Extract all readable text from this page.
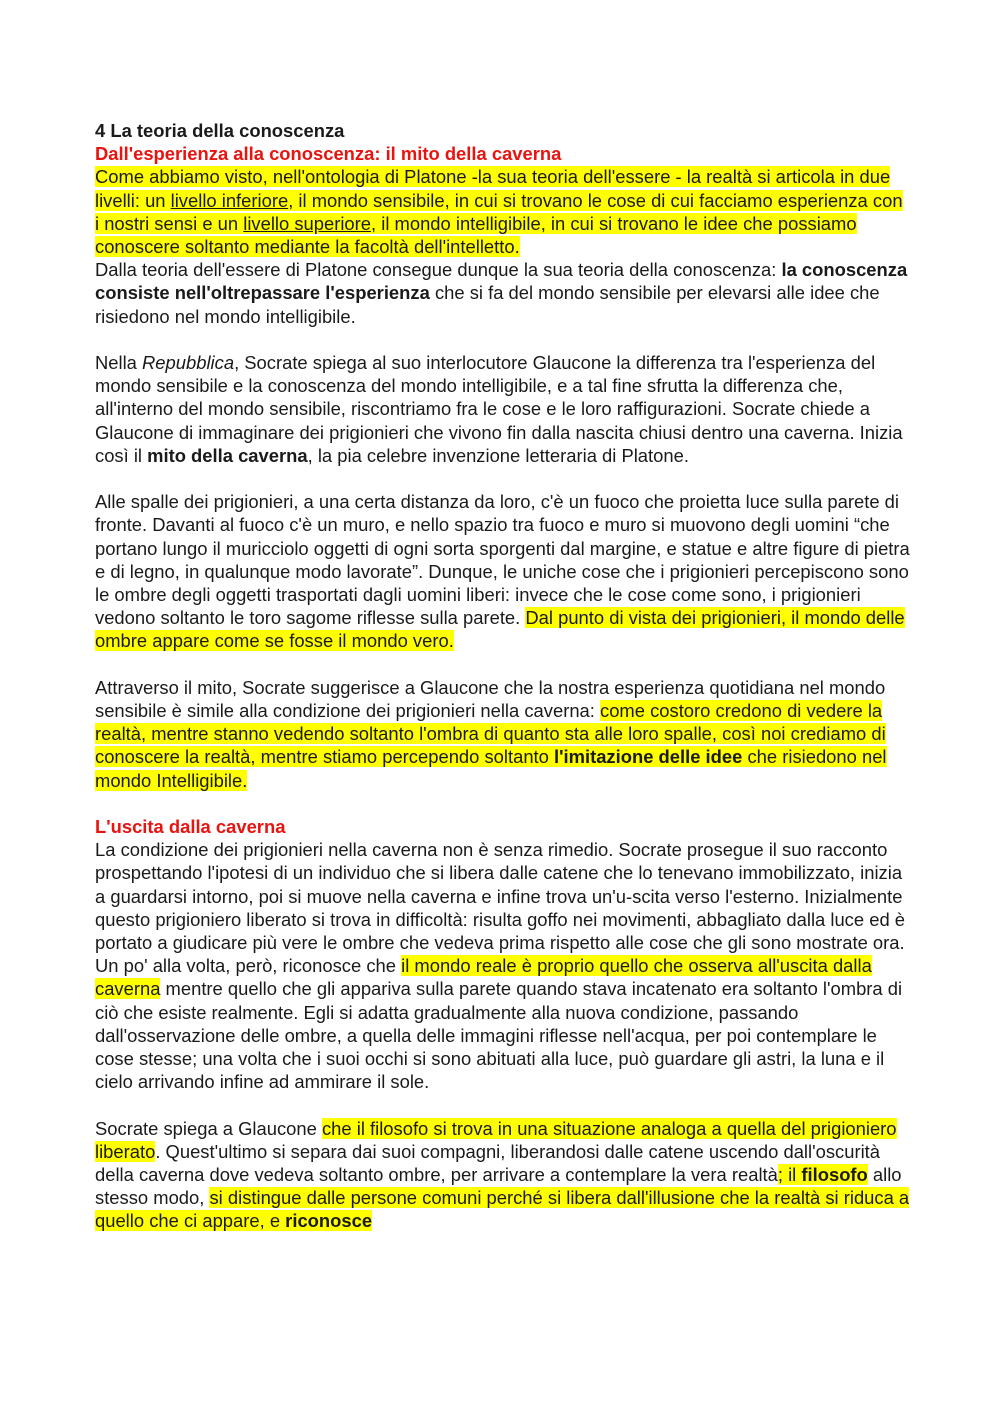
4 La teoria della conoscenza
Dall'esperienza alla conoscenza: il mito della caverna

Come abbiamo visto, nell'ontologia di Platone -la sua teoria dell'essere - la realtà si articola in due livelli: un livello inferiore, il mondo sensibile, in cui si trovano le cose di cui facciamo esperienza con i nostri sensi e un livello superiore, il mondo intelligibile, in cui si trovano le idee che possiamo conoscere soltanto mediante la facoltà dell'intelletto.

Dalla teoria dell'essere di Platone consegue dunque la sua teoria della conoscenza: la conoscenza consiste nell'oltrepassare l'esperienza che si fa del mondo sensibile per elevarsi alle idee che risiedono nel mondo intelligibile.

Nella Repubblica, Socrate spiega al suo interlocutore Glaucone la differenza tra l'esperienza del mondo sensibile e la conoscenza del mondo intelligibile, e a tal fine sfrutta la differenza che, all'interno del mondo sensibile, riscontriamo fra le cose e le loro raffigurazioni. Socrate chiede a Glaucone di immaginare dei prigionieri che vivono fin dalla nascita chiusi dentro una caverna. Inizia così il mito della caverna, la pia celebre invenzione letteraria di Platone.

Alle spalle dei prigionieri, a una certa distanza da loro, c'è un fuoco che proietta luce sulla parete di fronte. Davanti al fuoco c'è un muro, e nello spazio tra fuoco e muro si muovono degli uomini “che portano lungo il muricciolo oggetti di ogni sorta sporgenti dal margine, e statue e altre figure di pietra e di legno, in qualunque modo lavorate”. Dunque, le uniche cose che i prigionieri percepiscono sono le ombre degli oggetti trasportati dagli uomini liberi: invece che le cose come sono, i prigionieri vedono soltanto le toro sagome riflesse sulla parete. Dal punto di vista dei prigionieri, il mondo delle ombre appare come se fosse il mondo vero.

Attraverso il mito, Socrate suggerisce a Glaucone che la nostra esperienza quotidiana nel mondo sensibile è simile alla condizione dei prigionieri nella caverna: come costoro credono di vedere la realtà, mentre stanno vedendo soltanto l'ombra di quanto sta alle loro spalle, così noi crediamo di conoscere la realtà, mentre stiamo percependo soltanto l'imitazione delle idee che risiedono nel mondo Intelligibile.

L'uscita dalla caverna

La condizione dei prigionieri nella caverna non è senza rimedio. Socrate prosegue il suo racconto prospettando l'ipotesi di un individuo che si libera dalle catene che lo tenevano immobilizzato, inizia a guardarsi intorno, poi si muove nella caverna e infine trova un'u-scita verso l'esterno. Inizialmente questo prigioniero liberato si trova in difficoltà: risulta goffo nei movimenti, abbagliato dalla luce ed è portato a giudicare più vere le ombre che vedeva prima rispetto alle cose che gli sono mostrate ora. Un po' alla volta, però, riconosce che il mondo reale è proprio quello che osserva all'uscita dalla caverna mentre quello che gli appariva sulla parete quando stava incatenato era soltanto l'ombra di ciò che esiste realmente. Egli si adatta gradualmente alla nuova condizione, passando dall'osservazione delle ombre, a quella delle immagini riflesse nell'acqua, per poi contemplare le cose stesse; una volta che i suoi occhi si sono abituati alla luce, può guardare gli astri, la luna e il cielo arrivando infine ad ammirare il sole.

Socrate spiega a Glaucone che il filosofo si trova in una situazione analoga a quella del prigioniero liberato. Quest'ultimo si separa dai suoi compagni, liberandosi dalle catene uscendo dall'oscurità della caverna dove vedeva soltanto ombre, per arrivare a contemplare la vera realtà; il filosofo allo stesso modo, si distingue dalle persone comuni perché si libera dall'illusione che la realtà si riduca a quello che ci appare, e riconosce
